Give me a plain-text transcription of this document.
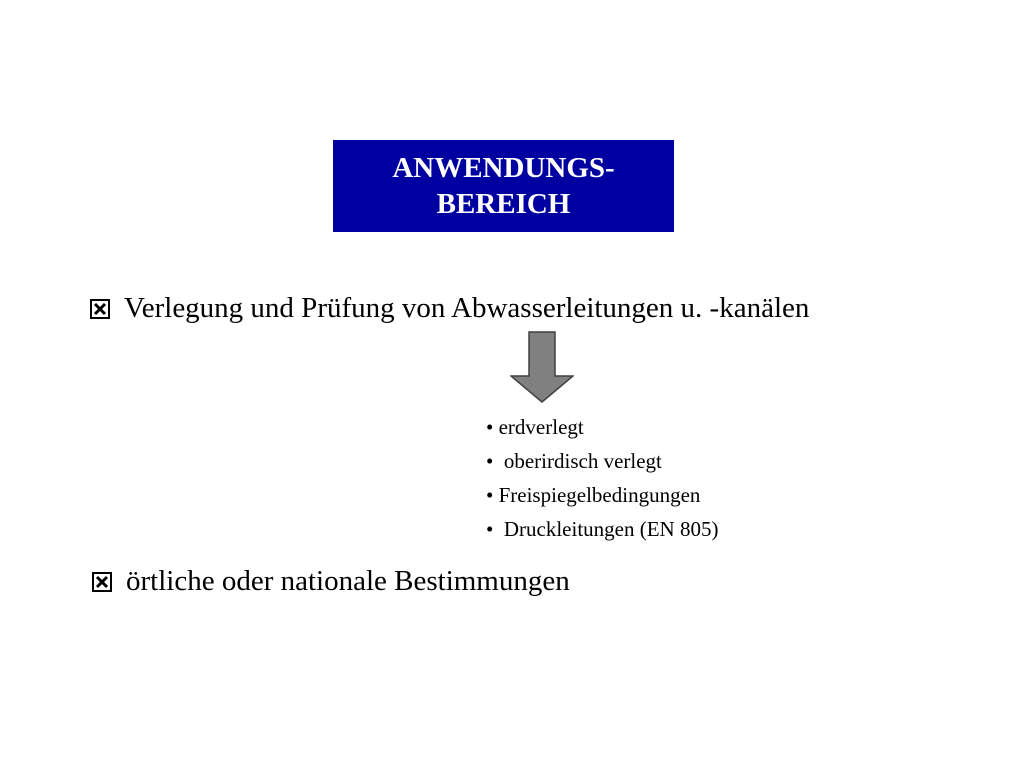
ANWENDUNGS-
BEREICH
Verlegung und Prüfung von Abwasserleitungen u. -kanälen
• erdverlegt
• oberirdisch verlegt
• Freispiegelbedingungen
• Druckleitungen (EN 805)
örtliche oder nationale Bestimmungen
